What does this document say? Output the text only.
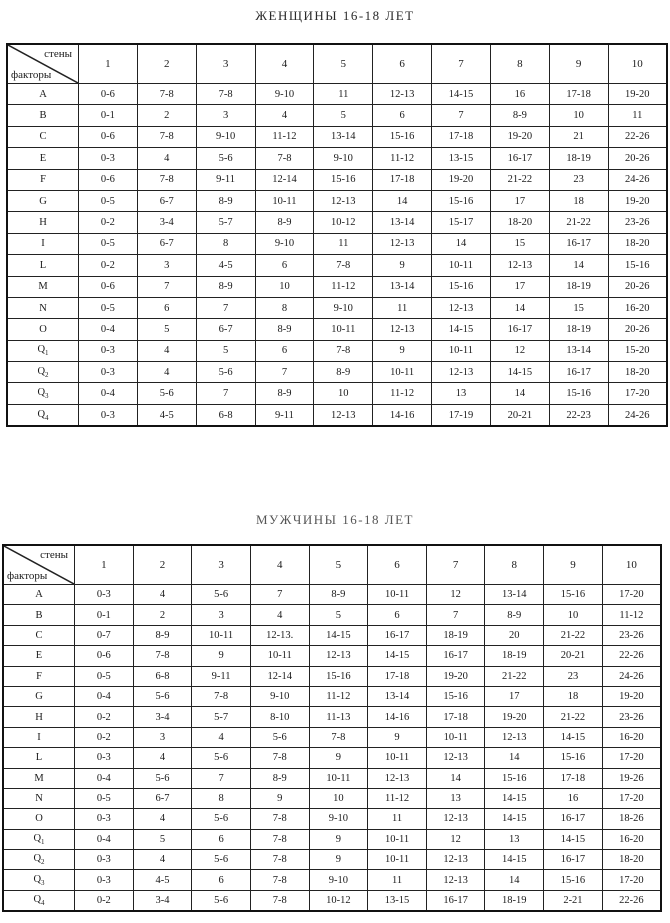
ЖЕНЩИНЫ 16-18 ЛЕТ
стены
факторы	1	2	3	4	5	6	7	8	9	10
A	0-6	7-8	7-8	9-10	11	12-13	14-15	16	17-18	19-20
B	0-1	2	3	4	5	6	7	8-9	10	11
C	0-6	7-8	9-10	11-12	13-14	15-16	17-18	19-20	21	22-26
E	0-3	4	5-6	7-8	9-10	11-12	13-15	16-17	18-19	20-26
F	0-6	7-8	9-11	12-14	15-16	17-18	19-20	21-22	23	24-26
G	0-5	6-7	8-9	10-11	12-13	14	15-16	17	18	19-20
H	0-2	3-4	5-7	8-9	10-12	13-14	15-17	18-20	21-22	23-26
I	0-5	6-7	8	9-10	11	12-13	14	15	16-17	18-20
L	0-2	3	4-5	6	7-8	9	10-11	12-13	14	15-16
M	0-6	7	8-9	10	11-12	13-14	15-16	17	18-19	20-26
N	0-5	6	7	8	9-10	11	12-13	14	15	16-20
O	0-4	5	6-7	8-9	10-11	12-13	14-15	16-17	18-19	20-26
$Q_1$	0-3	4	5	6	7-8	9	10-11	12	13-14	15-20
$Q_2$	0-3	4	5-6	7	8-9	10-11	12-13	14-15	16-17	18-20
$Q_3$	0-4	5-6	7	8-9	10	11-12	13	14	15-16	17-20
$Q_4$	0-3	4-5	6-8	9-11	12-13	14-16	17-19	20-21	22-23	24-26
МУЖЧИНЫ 16-18 ЛЕТ
стены
факторы	1	2	3	4	5	6	7	8	9	10
A	0-3	4	5-6	7	8-9	10-11	12	13-14	15-16	17-20
B	0-1	2	3	4	5	6	7	8-9	10	11-12
C	0-7	8-9	10-11	12-13.	14-15	16-17	18-19	20	21-22	23-26
E	0-6	7-8	9	10-11	12-13	14-15	16-17	18-19	20-21	22-26
F	0-5	6-8	9-11	12-14	15-16	17-18	19-20	21-22	23	24-26
G	0-4	5-6	7-8	9-10	11-12	13-14	15-16	17	18	19-20
H	0-2	3-4	5-7	8-10	11-13	14-16	17-18	19-20	21-22	23-26
I	0-2	3	4	5-6	7-8	9	10-11	12-13	14-15	16-20
L	0-3	4	5-6	7-8	9	10-11	12-13	14	15-16	17-20
M	0-4	5-6	7	8-9	10-11	12-13	14	15-16	17-18	19-26
N	0-5	6-7	8	9	10	11-12	13	14-15	16	17-20
O	0-3	4	5-6	7-8	9-10	11	12-13	14-15	16-17	18-26
$Q_1$	0-4	5	6	7-8	9	10-11	12	13	14-15	16-20
$Q_2$	0-3	4	5-6	7-8	9	10-11	12-13	14-15	16-17	18-20
$Q_3$	0-3	4-5	6	7-8	9-10	11	12-13	14	15-16	17-20
$Q_4$	0-2	3-4	5-6	7-8	10-12	13-15	16-17	18-19	2-21	22-26
